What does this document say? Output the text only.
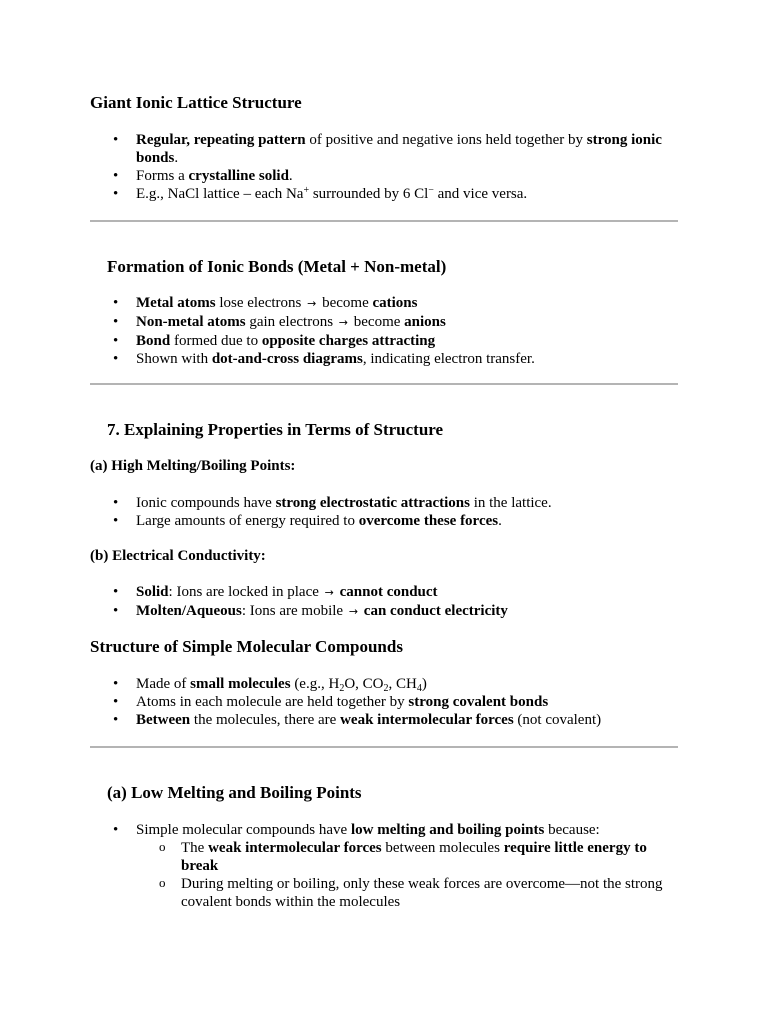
Giant Ionic Lattice Structure
• Regular, repeating pattern of positive and negative ions held together by strong ionic bonds.
• Forms a crystalline solid.
• E.g., NaCl lattice – each Na+ surrounded by 6 Cl− and vice versa.
Formation of Ionic Bonds (Metal + Non-metal)
• Metal atoms lose electrons → become cations
• Non-metal atoms gain electrons → become anions
• Bond formed due to opposite charges attracting
• Shown with dot-and-cross diagrams, indicating electron transfer.
7. Explaining Properties in Terms of Structure
(a) High Melting/Boiling Points:
• Ionic compounds have strong electrostatic attractions in the lattice.
• Large amounts of energy required to overcome these forces.
(b) Electrical Conductivity:
• Solid: Ions are locked in place → cannot conduct
• Molten/Aqueous: Ions are mobile → can conduct electricity
Structure of Simple Molecular Compounds
• Made of small molecules (e.g., $H_2O$, $CO_2$, $CH_4$)
• Atoms in each molecule are held together by strong covalent bonds
• Between the molecules, there are weak intermolecular forces (not covalent)
(a) Low Melting and Boiling Points
• Simple molecular compounds have low melting and boiling points because:
o The weak intermolecular forces between molecules require little energy to break
o During melting or boiling, only these weak forces are overcome—not the strong covalent bonds within the molecules
